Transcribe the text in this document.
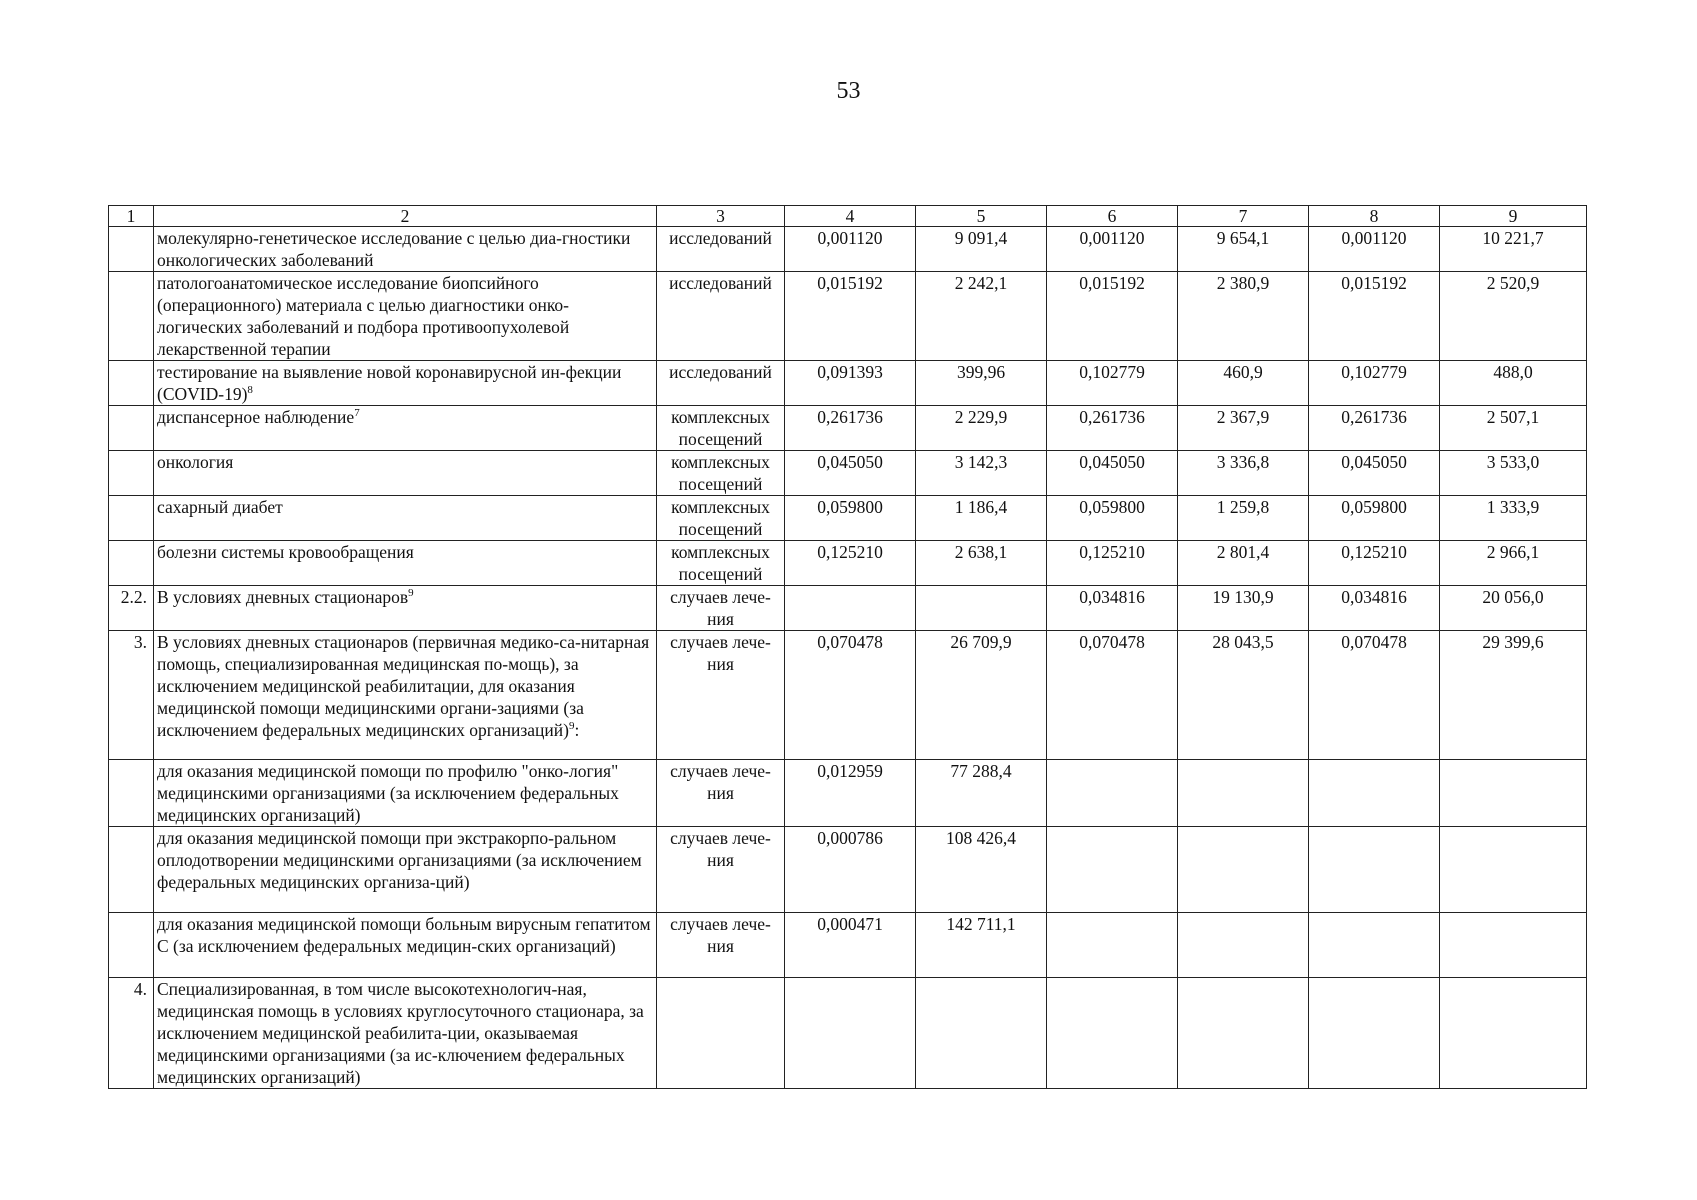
53
1	2	3	4	5	6	7	8	9
	молекулярно-генетическое исследование с целью диа-гностики онкологических заболеваний	исследований	0,001120	9 091,4	0,001120	9 654,1	0,001120	10 221,7
	патологоанатомическое исследование биопсийного (операционного) материала с целью диагностики онко-логических заболеваний и подбора противоопухолевой лекарственной терапии	исследований	0,015192	2 242,1	0,015192	2 380,9	0,015192	2 520,9
	тестирование на выявление новой коронавирусной ин-фекции (COVID-19)$^8$	исследований	0,091393	399,96	0,102779	460,9	0,102779	488,0
	диспансерное наблюдение$^7$	комплексных посещений	0,261736	2 229,9	0,261736	2 367,9	0,261736	2 507,1
	онкология	комплексных посещений	0,045050	3 142,3	0,045050	3 336,8	0,045050	3 533,0
	сахарный диабет	комплексных посещений	0,059800	1 186,4	0,059800	1 259,8	0,059800	1 333,9
	болезни системы кровообращения	комплексных посещений	0,125210	2 638,1	0,125210	2 801,4	0,125210	2 966,1
2.2.	В условиях дневных стационаров$^9$	случаев лече-ния			0,034816	19 130,9	0,034816	20 056,0
3.	В условиях дневных стационаров (первичная медико-са-нитарная помощь, специализированная медицинская по-мощь), за исключением медицинской реабилитации, для оказания медицинской помощи медицинскими органи-зациями (за исключением федеральных медицинских организаций)$^9$:	случаев лече-ния	0,070478	26 709,9	0,070478	28 043,5	0,070478	29 399,6
	для оказания медицинской помощи по профилю "онко-логия" медицинскими организациями (за исключением федеральных медицинских организаций)	случаев лече-ния	0,012959	77 288,4				
	для оказания медицинской помощи при экстракорпо-ральном оплодотворении медицинскими организациями (за исключением федеральных медицинских организа-ций)	случаев лече-ния	0,000786	108 426,4				
	для оказания медицинской помощи больным вирусным гепатитом С (за исключением федеральных медицин-ских организаций)	случаев лече-ния	0,000471	142 711,1				
4.	Специализированная, в том числе высокотехнологич-ная, медицинская помощь в условиях круглосуточного стационара, за исключением медицинской реабилита-ции, оказываемая медицинскими организациями (за ис-ключением федеральных медицинских организаций)							
